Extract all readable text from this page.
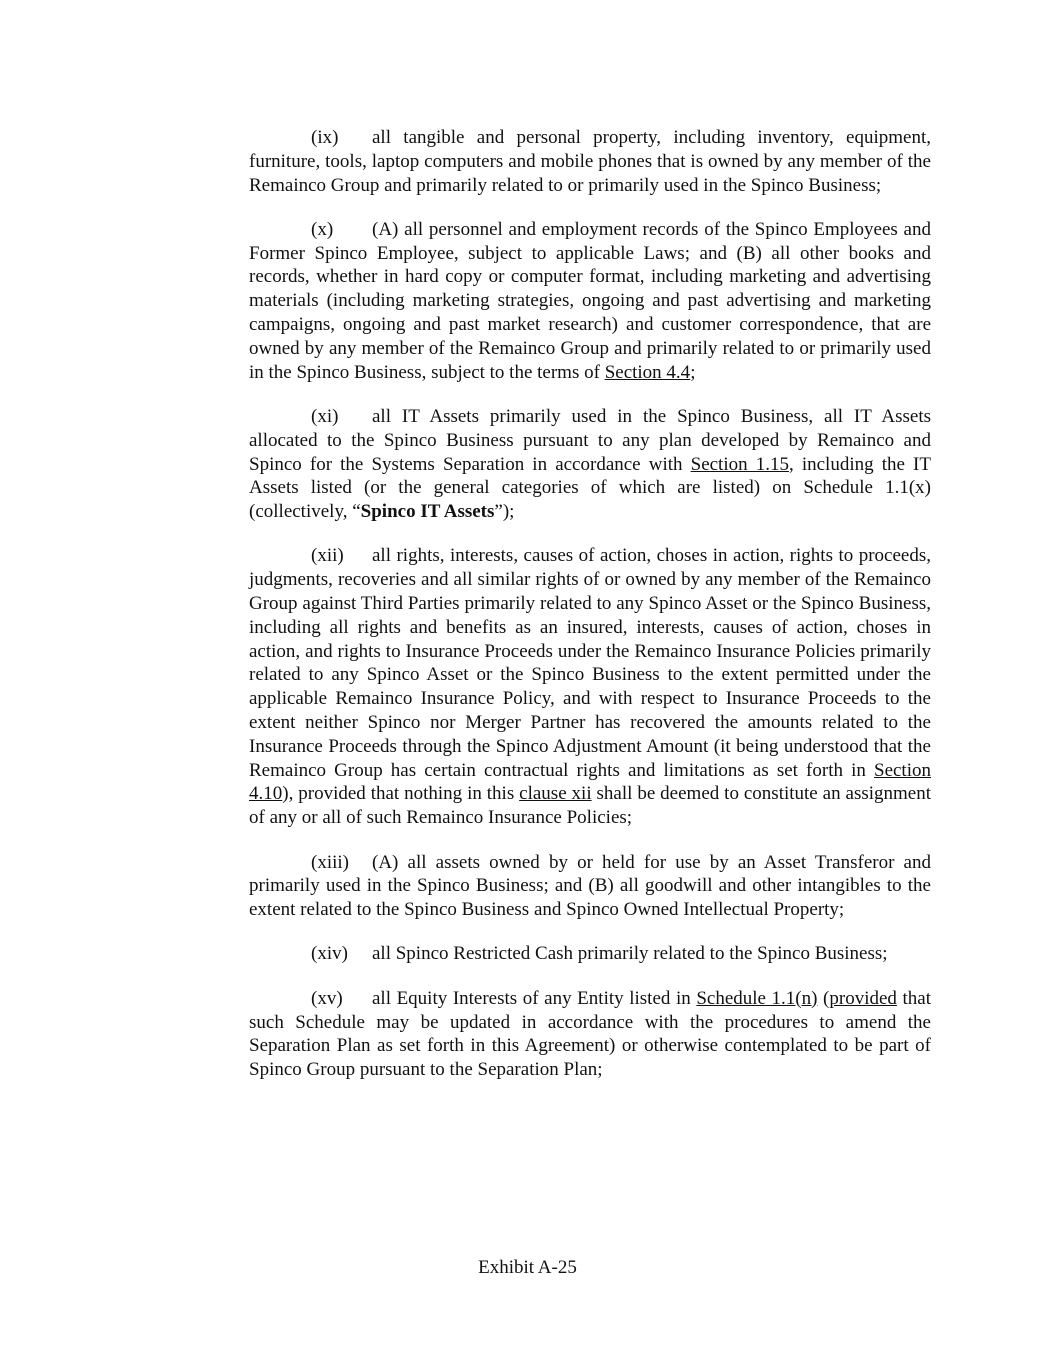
(ix) all tangible and personal property, including inventory, equipment, furniture, tools, laptop computers and mobile phones that is owned by any member of the Remainco Group and primarily related to or primarily used in the Spinco Business;

(x) (A) all personnel and employment records of the Spinco Employees and Former Spinco Employee, subject to applicable Laws; and (B) all other books and records, whether in hard copy or computer format, including marketing and advertising materials (including marketing strategies, ongoing and past advertising and marketing campaigns, ongoing and past market research) and customer correspondence, that are owned by any member of the Remainco Group and primarily related to or primarily used in the Spinco Business, subject to the terms of Section 4.4;

(xi) all IT Assets primarily used in the Spinco Business, all IT Assets allocated to the Spinco Business pursuant to any plan developed by Remainco and Spinco for the Systems Separation in accordance with Section 1.15, including the IT Assets listed (or the general categories of which are listed) on Schedule 1.1(x) (collectively, “Spinco IT Assets”);

(xii) all rights, interests, causes of action, choses in action, rights to proceeds, judgments, recoveries and all similar rights of or owned by any member of the Remainco Group against Third Parties primarily related to any Spinco Asset or the Spinco Business, including all rights and benefits as an insured, interests, causes of action, choses in action, and rights to Insurance Proceeds under the Remainco Insurance Policies primarily related to any Spinco Asset or the Spinco Business to the extent permitted under the applicable Remainco Insurance Policy, and with respect to Insurance Proceeds to the extent neither Spinco nor Merger Partner has recovered the amounts related to the Insurance Proceeds through the Spinco Adjustment Amount (it being understood that the Remainco Group has certain contractual rights and limitations as set forth in Section 4.10), provided that nothing in this clause xii shall be deemed to constitute an assignment of any or all of such Remainco Insurance Policies;

(xiii) (A) all assets owned by or held for use by an Asset Transferor and primarily used in the Spinco Business; and (B) all goodwill and other intangibles to the extent related to the Spinco Business and Spinco Owned Intellectual Property;

(xiv) all Spinco Restricted Cash primarily related to the Spinco Business;

(xv) all Equity Interests of any Entity listed in Schedule 1.1(n) (provided that such Schedule may be updated in accordance with the procedures to amend the Separation Plan as set forth in this Agreement) or otherwise contemplated to be part of Spinco Group pursuant to the Separation Plan;

Exhibit A-25
